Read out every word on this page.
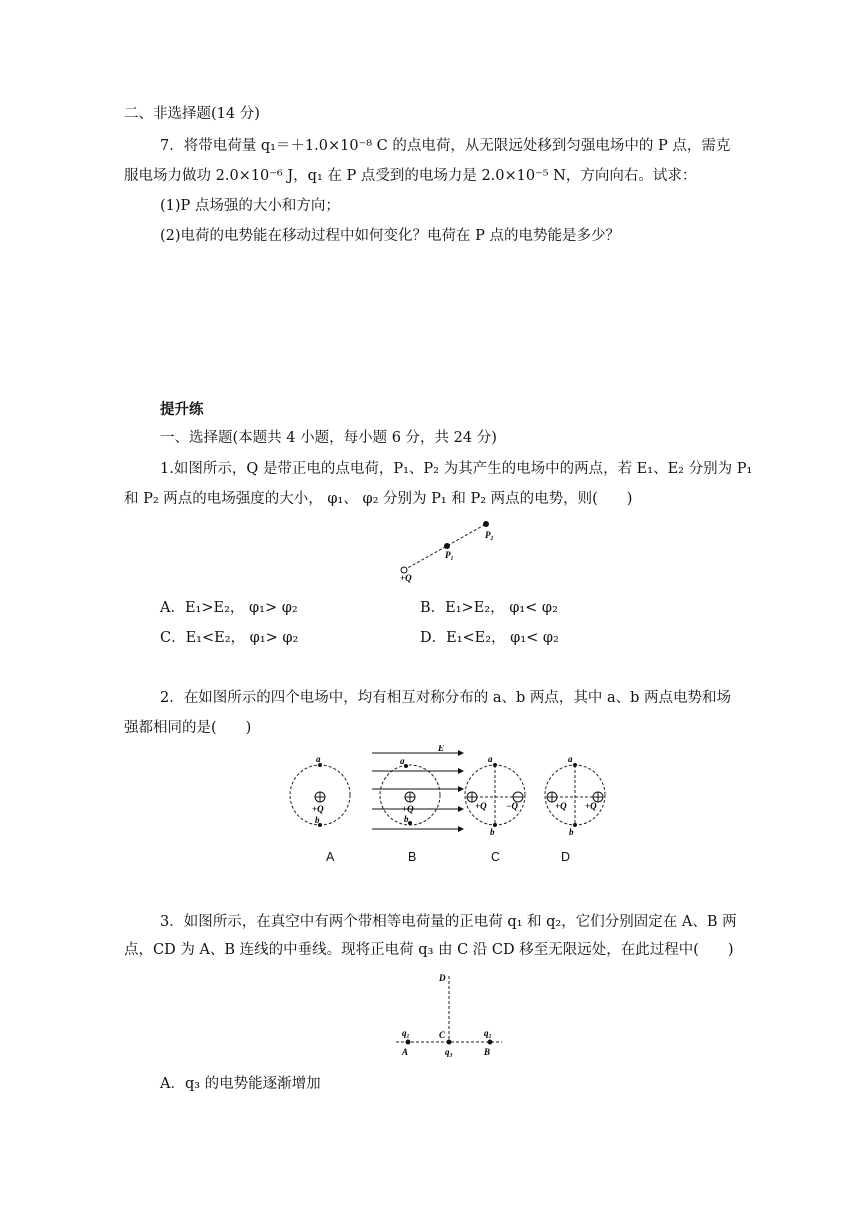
二、非选择题(14 分)
7．将带电荷量 q₁＝＋1.0×10⁻⁸ C 的点电荷，从无限远处移到匀强电场中的 P 点，需克
服电场力做功 2.0×10⁻⁶ J，q₁ 在 P 点受到的电场力是 2.0×10⁻⁵ N，方向向右。试求：
(1)P 点场强的大小和方向；
(2)电荷的电势能在移动过程中如何变化？电荷在 P 点的电势能是多少？
提升练
一、选择题(本题共 4 小题，每小题 6 分，共 24 分)
1.如图所示，Q 是带正电的点电荷，P₁、P₂ 为其产生的电场中的两点，若 E₁、E₂ 分别为 P₁
和 P₂ 两点的电场强度的大小， φ₁、 φ₂ 分别为 P₁ 和 P₂ 两点的电势，则(　　)
P₂
P₁
+Q
A．E₁>E₂， φ₁> φ₂	B．E₁>E₂， φ₁< φ₂
C．E₁<E₂， φ₁> φ₂	D．E₁<E₂， φ₁< φ₂
2．在如图所示的四个电场中，均有相互对称分布的 a、b 两点，其中 a、b 两点电势和场
强都相同的是(　　)
a
+Q
b
E
a
+Q
b
a
+Q −Q
b
a
+Q +Q
b
A	B	C	D
3．如图所示，在真空中有两个带相等电荷量的正电荷 q₁ 和 q₂，它们分别固定在 A、B 两
点，CD 为 A、B 连线的中垂线。现将正电荷 q₃ 由 C 沿 CD 移至无限远处，在此过程中(　　)
D
q₁
A
C
q₃
q₂
B
A．q₃ 的电势能逐渐增加
